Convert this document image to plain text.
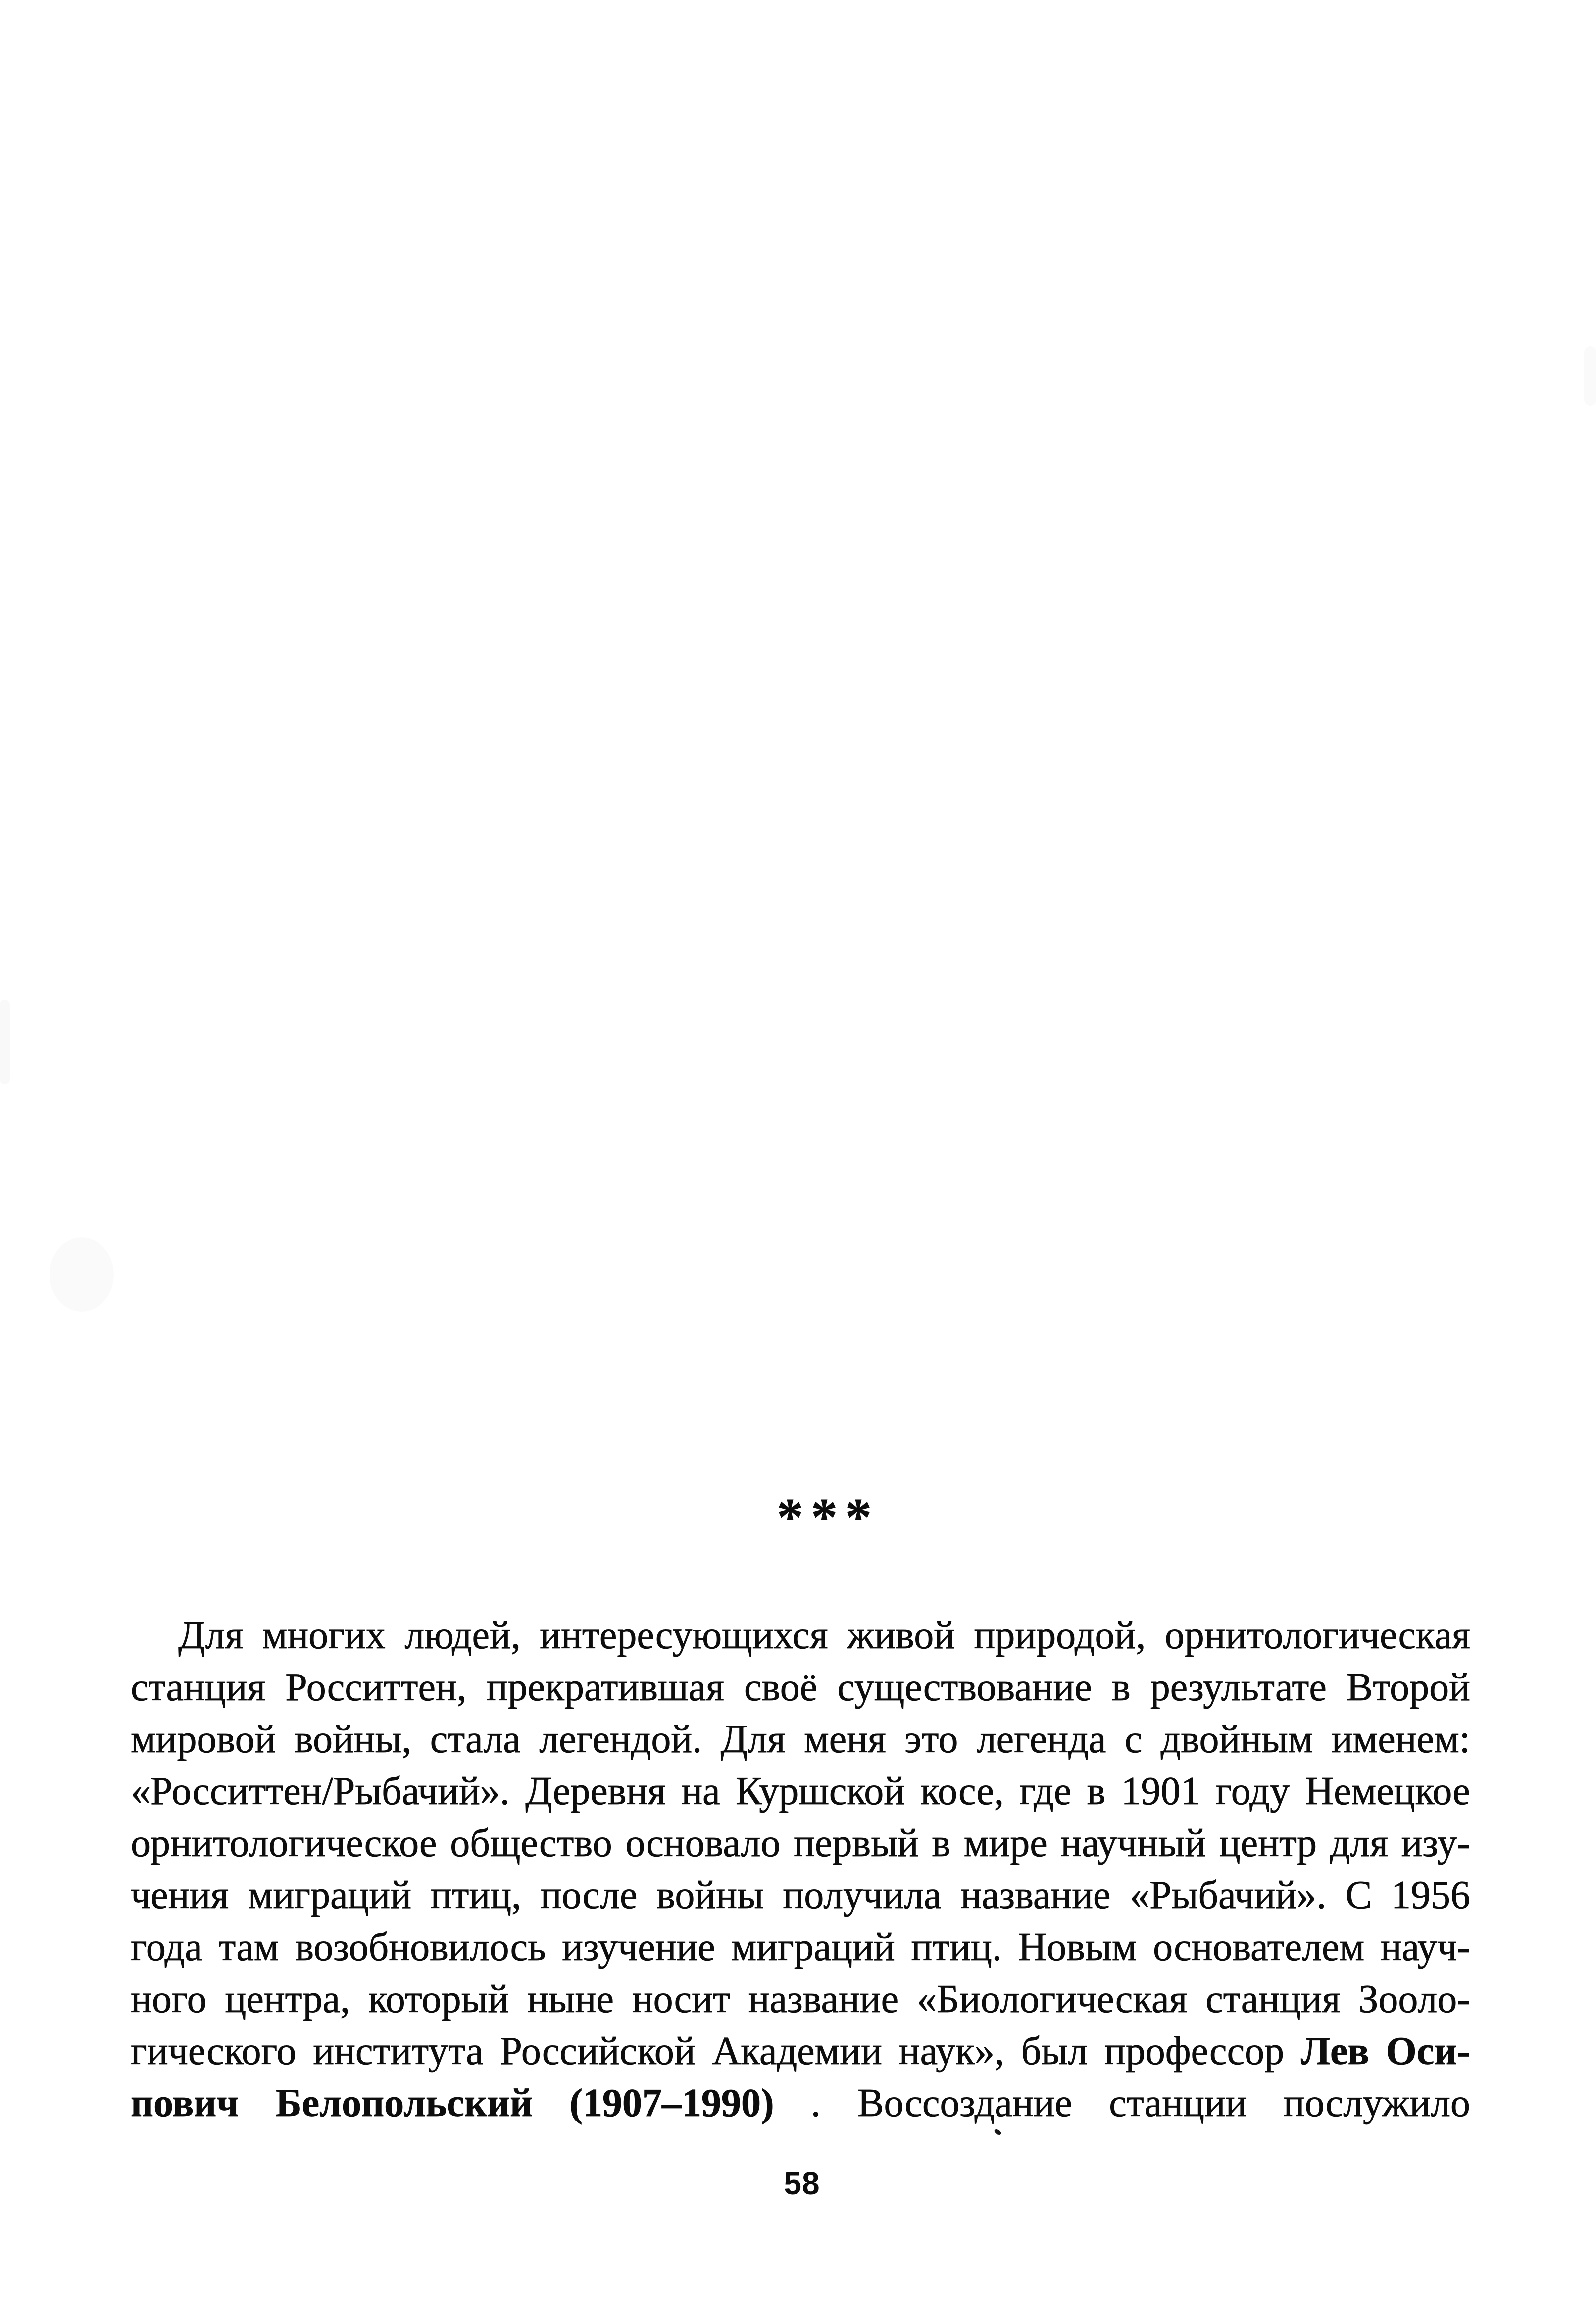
* * *
Для многих людей, интересующихся живой природой, орнитологическая
станция Росситтен, прекратившая своё существование в результате Второй
мировой войны, стала легендой. Для меня это легенда с двойным именем:
«Росситтен/Рыбачий». Деревня на Куршской косе, где в 1901 году Немецкое
орнитологическое общество основало первый в мире научный центр для изу-
чения миграций птиц, после войны получила название «Рыбачий». С 1956
года там возобновилось изучение миграций птиц. Новым основателем науч-
ного центра, который ныне носит название «Биологическая станция Зооло-
гического института Российской Академии наук», был профессор Лев Оси-
пович Белопольский (1907–1990) . Воссоздание станции послужило
58
